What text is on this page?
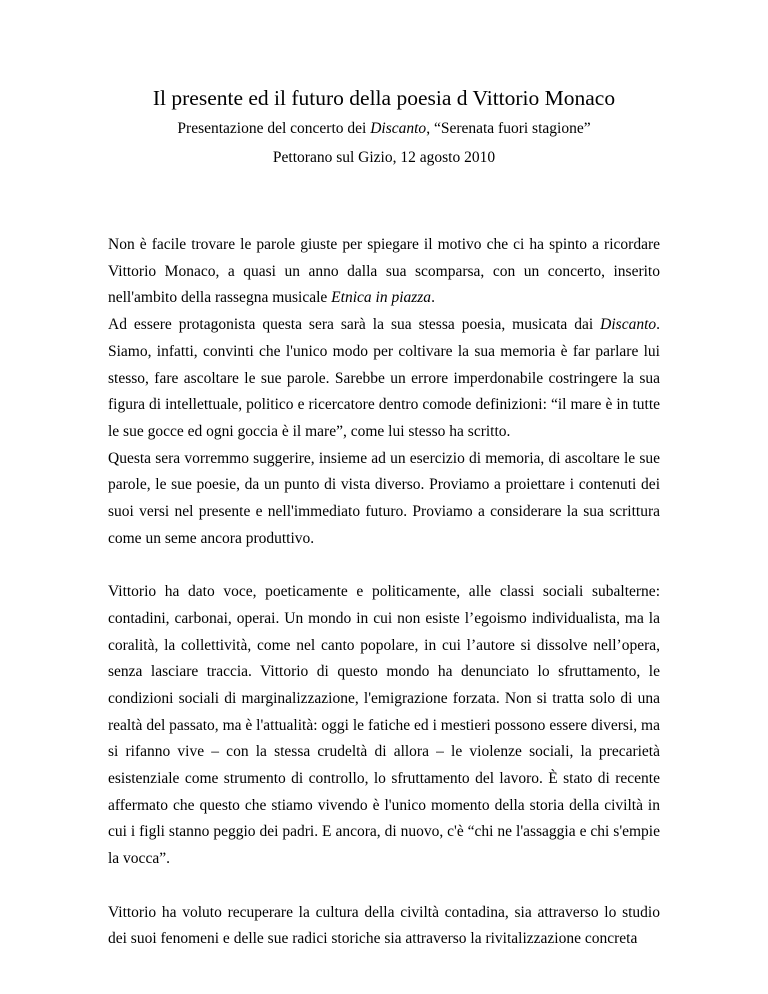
Il presente ed il futuro della poesia d Vittorio Monaco
Presentazione del concerto dei Discanto, “Serenata fuori stagione”
Pettorano sul Gizio, 12 agosto 2010

Non è facile trovare le parole giuste per spiegare il motivo che ci ha spinto a ricordare Vittorio Monaco, a quasi un anno dalla sua scomparsa, con un concerto, inserito nell'ambito della rassegna musicale Etnica in piazza.

Ad essere protagonista questa sera sarà la sua stessa poesia, musicata dai Discanto. Siamo, infatti, convinti che l'unico modo per coltivare la sua memoria è far parlare lui stesso, fare ascoltare le sue parole. Sarebbe un errore imperdonabile costringere la sua figura di intellettuale, politico e ricercatore dentro comode definizioni: “il mare è in tutte le sue gocce ed ogni goccia è il mare”, come lui stesso ha scritto.

Questa sera vorremmo suggerire, insieme ad un esercizio di memoria, di ascoltare le sue parole, le sue poesie, da un punto di vista diverso. Proviamo a proiettare i contenuti dei suoi versi nel presente e nell'immediato futuro. Proviamo a considerare la sua scrittura come un seme ancora produttivo.

Vittorio ha dato voce, poeticamente e politicamente, alle classi sociali subalterne: contadini, carbonai, operai. Un mondo in cui non esiste l’egoismo individualista, ma la coralità, la collettività, come nel canto popolare, in cui l’autore si dissolve nell’opera, senza lasciare traccia. Vittorio di questo mondo ha denunciato lo sfruttamento, le condizioni sociali di marginalizzazione, l'emigrazione forzata. Non si tratta solo di una realtà del passato, ma è l'attualità: oggi le fatiche ed i mestieri possono essere diversi, ma si rifanno vive – con la stessa crudeltà di allora – le violenze sociali, la precarietà esistenziale come strumento di controllo, lo sfruttamento del lavoro. È stato di recente affermato che questo che stiamo vivendo è l'unico momento della storia della civiltà in cui i figli stanno peggio dei padri. E ancora, di nuovo, c'è “chi ne l'assaggia e chi s'empie la vocca”.

Vittorio ha voluto recuperare la cultura della civiltà contadina, sia attraverso lo studio dei suoi fenomeni e delle sue radici storiche sia attraverso la rivitalizzazione concreta
